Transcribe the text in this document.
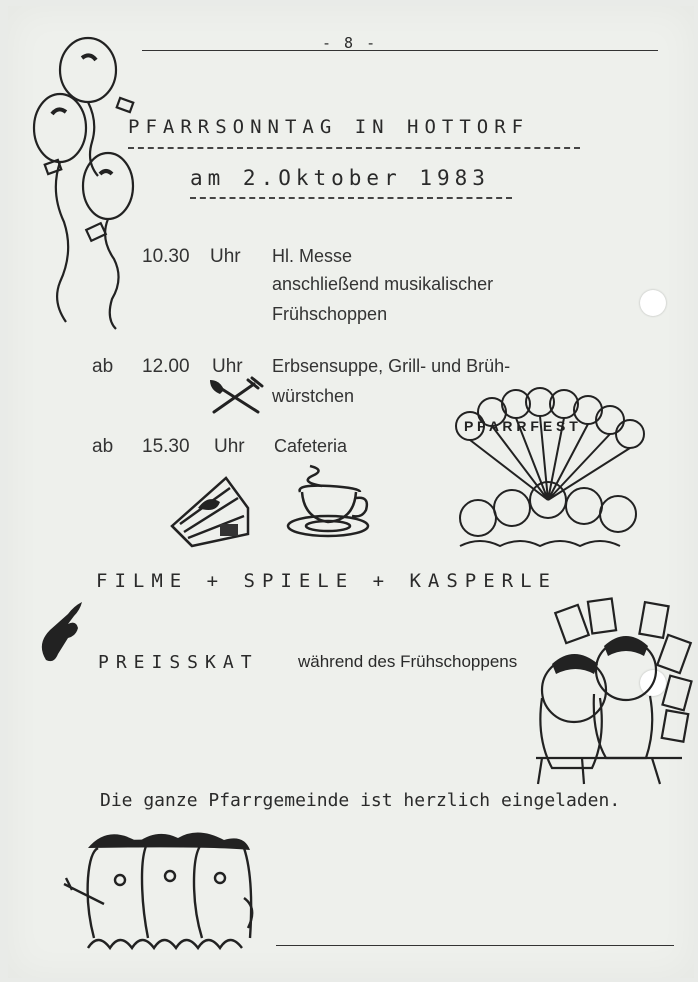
- 8 -
PFARRSONNTAG IN HOTTORF
am 2.Oktober 1983
10.30 Uhr Hl. Messe
anschließend musikalischer
Frühschoppen
ab 12.00 Uhr Erbsensuppe, Grill- und Brüh-
würstchen
ab 15.30 Uhr Cafeteria
P F A R R F E S T
FILME + SPIELE + KASPERLE
PREISSKAT während des Frühschoppens
Die ganze Pfarrgemeinde ist herzlich eingeladen.
